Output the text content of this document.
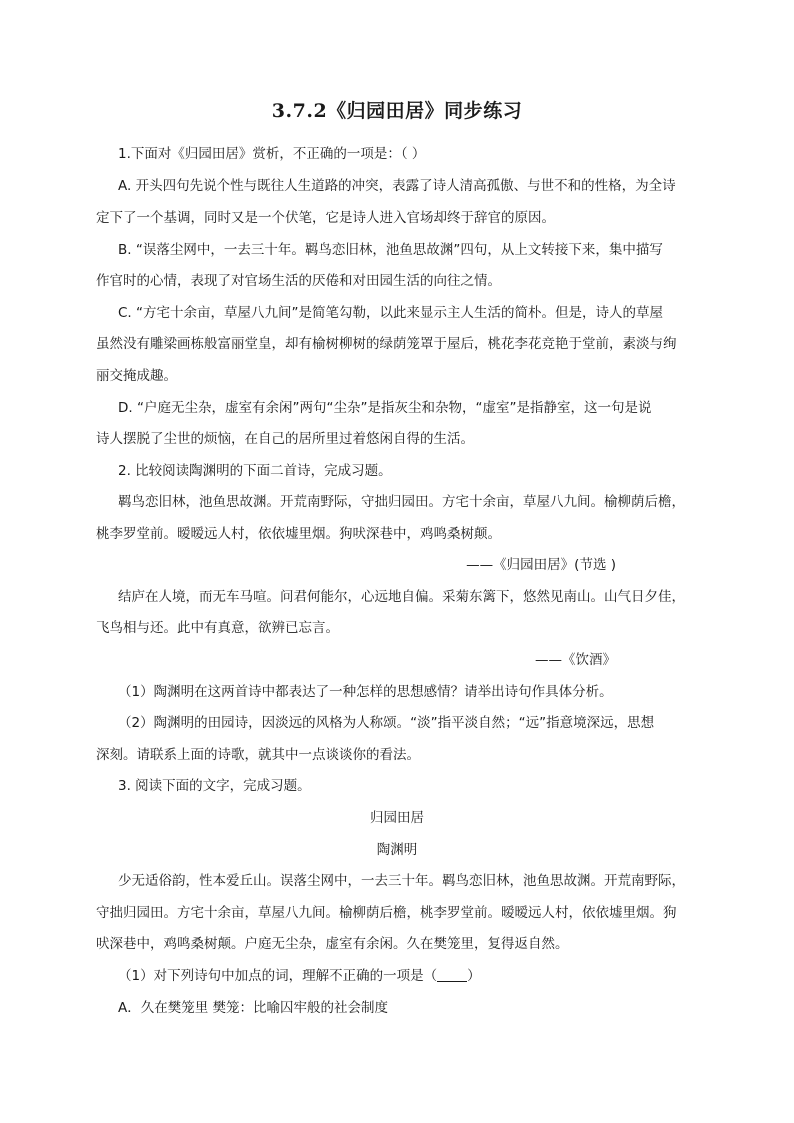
3.7.2《归园田居》同步练习
1.下面对《归园田居》赏析，不正确的一项是：（ ）
A. 开头四句先说个性与既往人生道路的冲突，表露了诗人清高孤傲、与世不和的性格，为全诗
定下了一个基调，同时又是一个伏笔，它是诗人进入官场却终于辞官的原因。
B. “误落尘网中，一去三十年。羁鸟恋旧林，池鱼思故渊”四句，从上文转接下来，集中描写
作官时的心情，表现了对官场生活的厌倦和对田园生活的向往之情。
C. “方宅十余亩，草屋八九间”是简笔勾勒，以此来显示主人生活的简朴。但是，诗人的草屋
虽然没有雕梁画栋般富丽堂皇，却有榆树柳树的绿荫笼罩于屋后，桃花李花竞艳于堂前，素淡与绚
丽交掩成趣。
D. “户庭无尘杂，虚室有余闲”两句“尘杂”是指灰尘和杂物，“虚室”是指静室，这一句是说
诗人摆脱了尘世的烦恼，在自己的居所里过着悠闲自得的生活。
2. 比较阅读陶渊明的下面二首诗，完成习题。
羁鸟恋旧林，池鱼思故渊。开荒南野际，守拙归园田。方宅十余亩，草屋八九间。榆柳荫后檐，
桃李罗堂前。暧暧远人村，依依墟里烟。狗吠深巷中，鸡鸣桑树颠。
——《归园田居》(节选 )
结庐在人境，而无车马喧。问君何能尔，心远地自偏。采菊东篱下，悠然见南山。山气日夕佳，
飞鸟相与还。此中有真意，欲辨已忘言。
——《饮酒》
（1）陶渊明在这两首诗中都表达了一种怎样的思想感情？请举出诗句作具体分析。
（2）陶渊明的田园诗，因淡远的风格为人称颂。“淡”指平淡自然；“远”指意境深远，思想
深刻。请联系上面的诗歌，就其中一点谈谈你的看法。
3. 阅读下面的文字，完成习题。
归园田居
陶渊明
少无适俗韵，性本爱丘山。误落尘网中，一去三十年。羁鸟恋旧林，池鱼思故渊。开荒南野际，
守拙归园田。方宅十余亩，草屋八九间。榆柳荫后檐，桃李罗堂前。暧暧远人村，依依墟里烟。狗
吠深巷中，鸡鸣桑树颠。户庭无尘杂，虚室有余闲。久在樊笼里，复得返自然。
（1）对下列诗句中加点的词，理解不正确的一项是（ ）
A．久在樊笼里 樊笼：比喻囚牢般的社会制度
